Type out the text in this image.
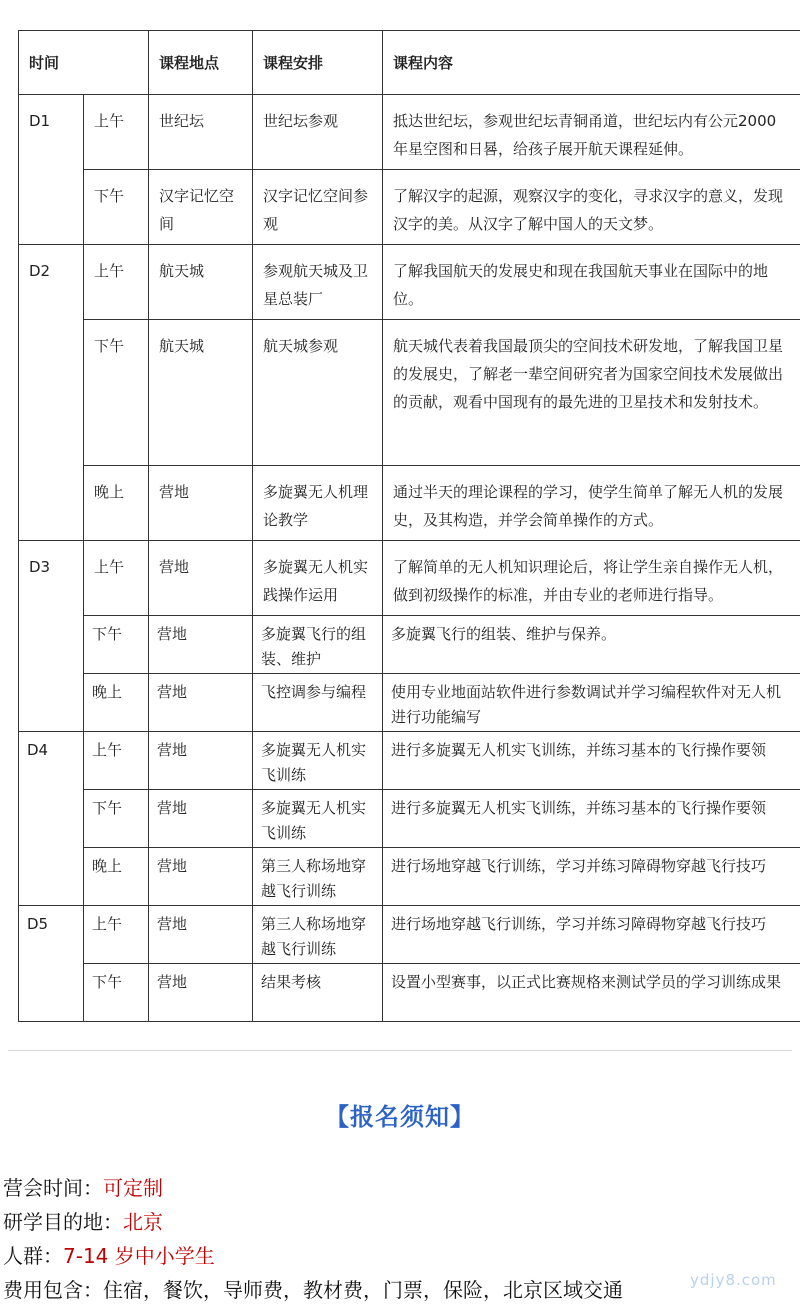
时间		课程地点	课程安排	课程内容
D1	上午	世纪坛	世纪坛参观	抵达世纪坛，参观世纪坛青铜甬道，世纪坛内有公元2000年星空图和日晷，给孩子展开航天课程延伸。
	下午	汉字记忆空间	汉字记忆空间参观	了解汉字的起源，观察汉字的变化，寻求汉字的意义，发现汉字的美。从汉字了解中国人的天文梦。
D2	上午	航天城	参观航天城及卫星总装厂	了解我国航天的发展史和现在我国航天事业在国际中的地位。
	下午	航天城	航天城参观	航天城代表着我国最顶尖的空间技术研发地，了解我国卫星的发展史，了解老一辈空间研究者为国家空间技术发展做出的贡献，观看中国现有的最先进的卫星技术和发射技术。
	晚上	营地	多旋翼无人机理论教学	通过半天的理论课程的学习，使学生简单了解无人机的发展史，及其构造，并学会简单操作的方式。
D3	上午	营地	多旋翼无人机实践操作运用	了解简单的无人机知识理论后，将让学生亲自操作无人机，做到初级操作的标准，并由专业的老师进行指导。
	下午	营地	多旋翼飞行的组装、维护	多旋翼飞行的组装、维护与保养。
	晚上	营地	飞控调参与编程	使用专业地面站软件进行参数调试并学习编程软件对无人机进行功能编写
D4	上午	营地	多旋翼无人机实飞训练	进行多旋翼无人机实飞训练，并练习基本的飞行操作要领
	下午	营地	多旋翼无人机实飞训练	进行多旋翼无人机实飞训练，并练习基本的飞行操作要领
	晚上	营地	第三人称场地穿越飞行训练	进行场地穿越飞行训练，学习并练习障碍物穿越飞行技巧
D5	上午	营地	第三人称场地穿越飞行训练	进行场地穿越飞行训练，学习并练习障碍物穿越飞行技巧
	下午	营地	结果考核	设置小型赛事，以正式比赛规格来测试学员的学习训练成果
【报名须知】
营会时间：可定制
研学目的地：北京
人群：7-14 岁中小学生
费用包含：住宿，餐饮，导师费，教材费，门票，保险，北京区域交通	ydjy8.com
